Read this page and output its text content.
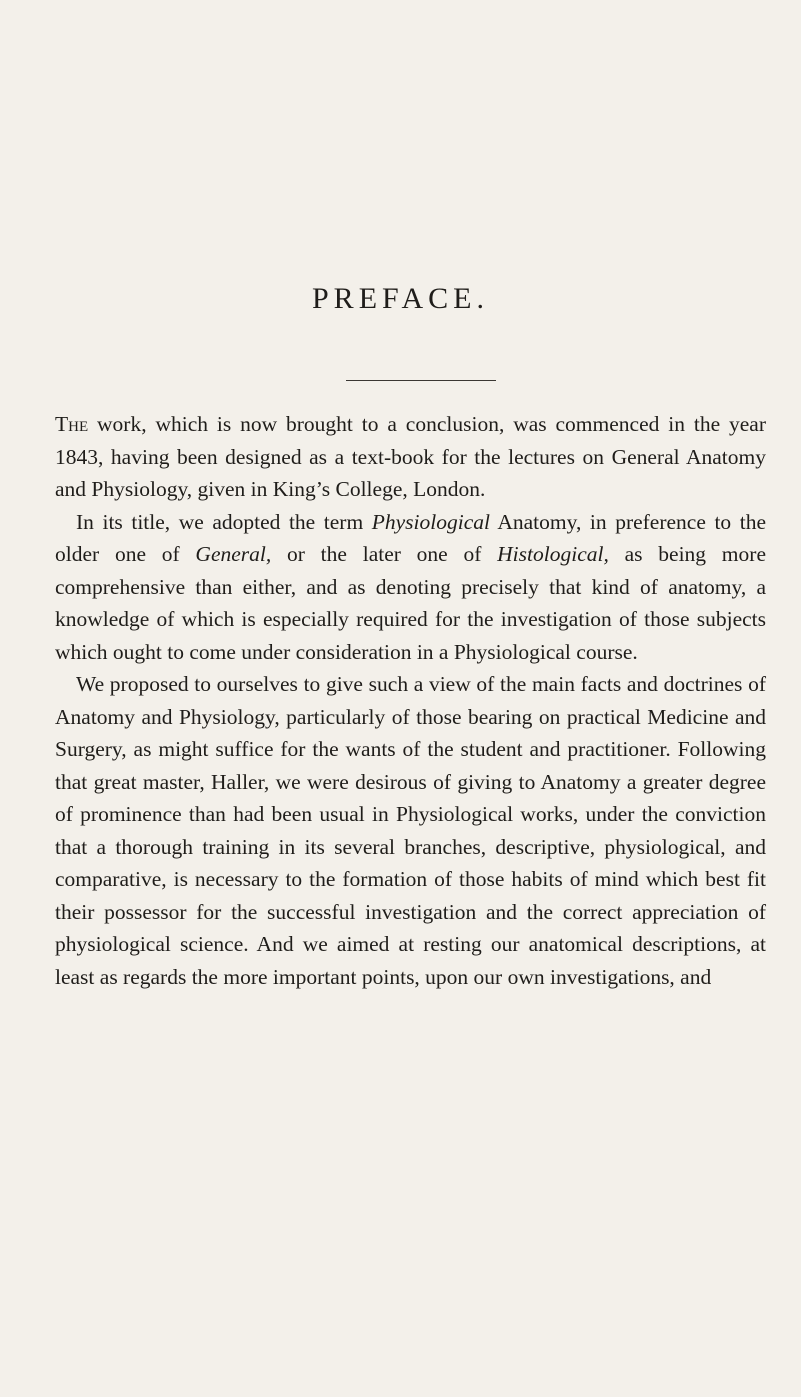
PREFACE.

The work, which is now brought to a conclusion, was commenced in the year 1843, having been designed as a text-book for the lectures on General Anatomy and Physiology, given in King’s College, London.

In its title, we adopted the term Physiological Anatomy, in preference to the older one of General, or the later one of Histological, as being more comprehensive than either, and as denoting precisely that kind of anatomy, a knowledge of which is especially required for the investigation of those subjects which ought to come under consideration in a Physiological course.

We proposed to ourselves to give such a view of the main facts and doctrines of Anatomy and Physiology, particularly of those bearing on practical Medicine and Surgery, as might suffice for the wants of the student and practitioner. Following that great master, Haller, we were desirous of giving to Anatomy a greater degree of prominence than had been usual in Physiological works, under the conviction that a thorough training in its several branches, descriptive, physiological, and comparative, is necessary to the formation of those habits of mind which best fit their possessor for the successful investigation and the correct appreciation of physiological science. And we aimed at resting our anatomical descriptions, at least as regards the more important points, upon our own investigations, and
